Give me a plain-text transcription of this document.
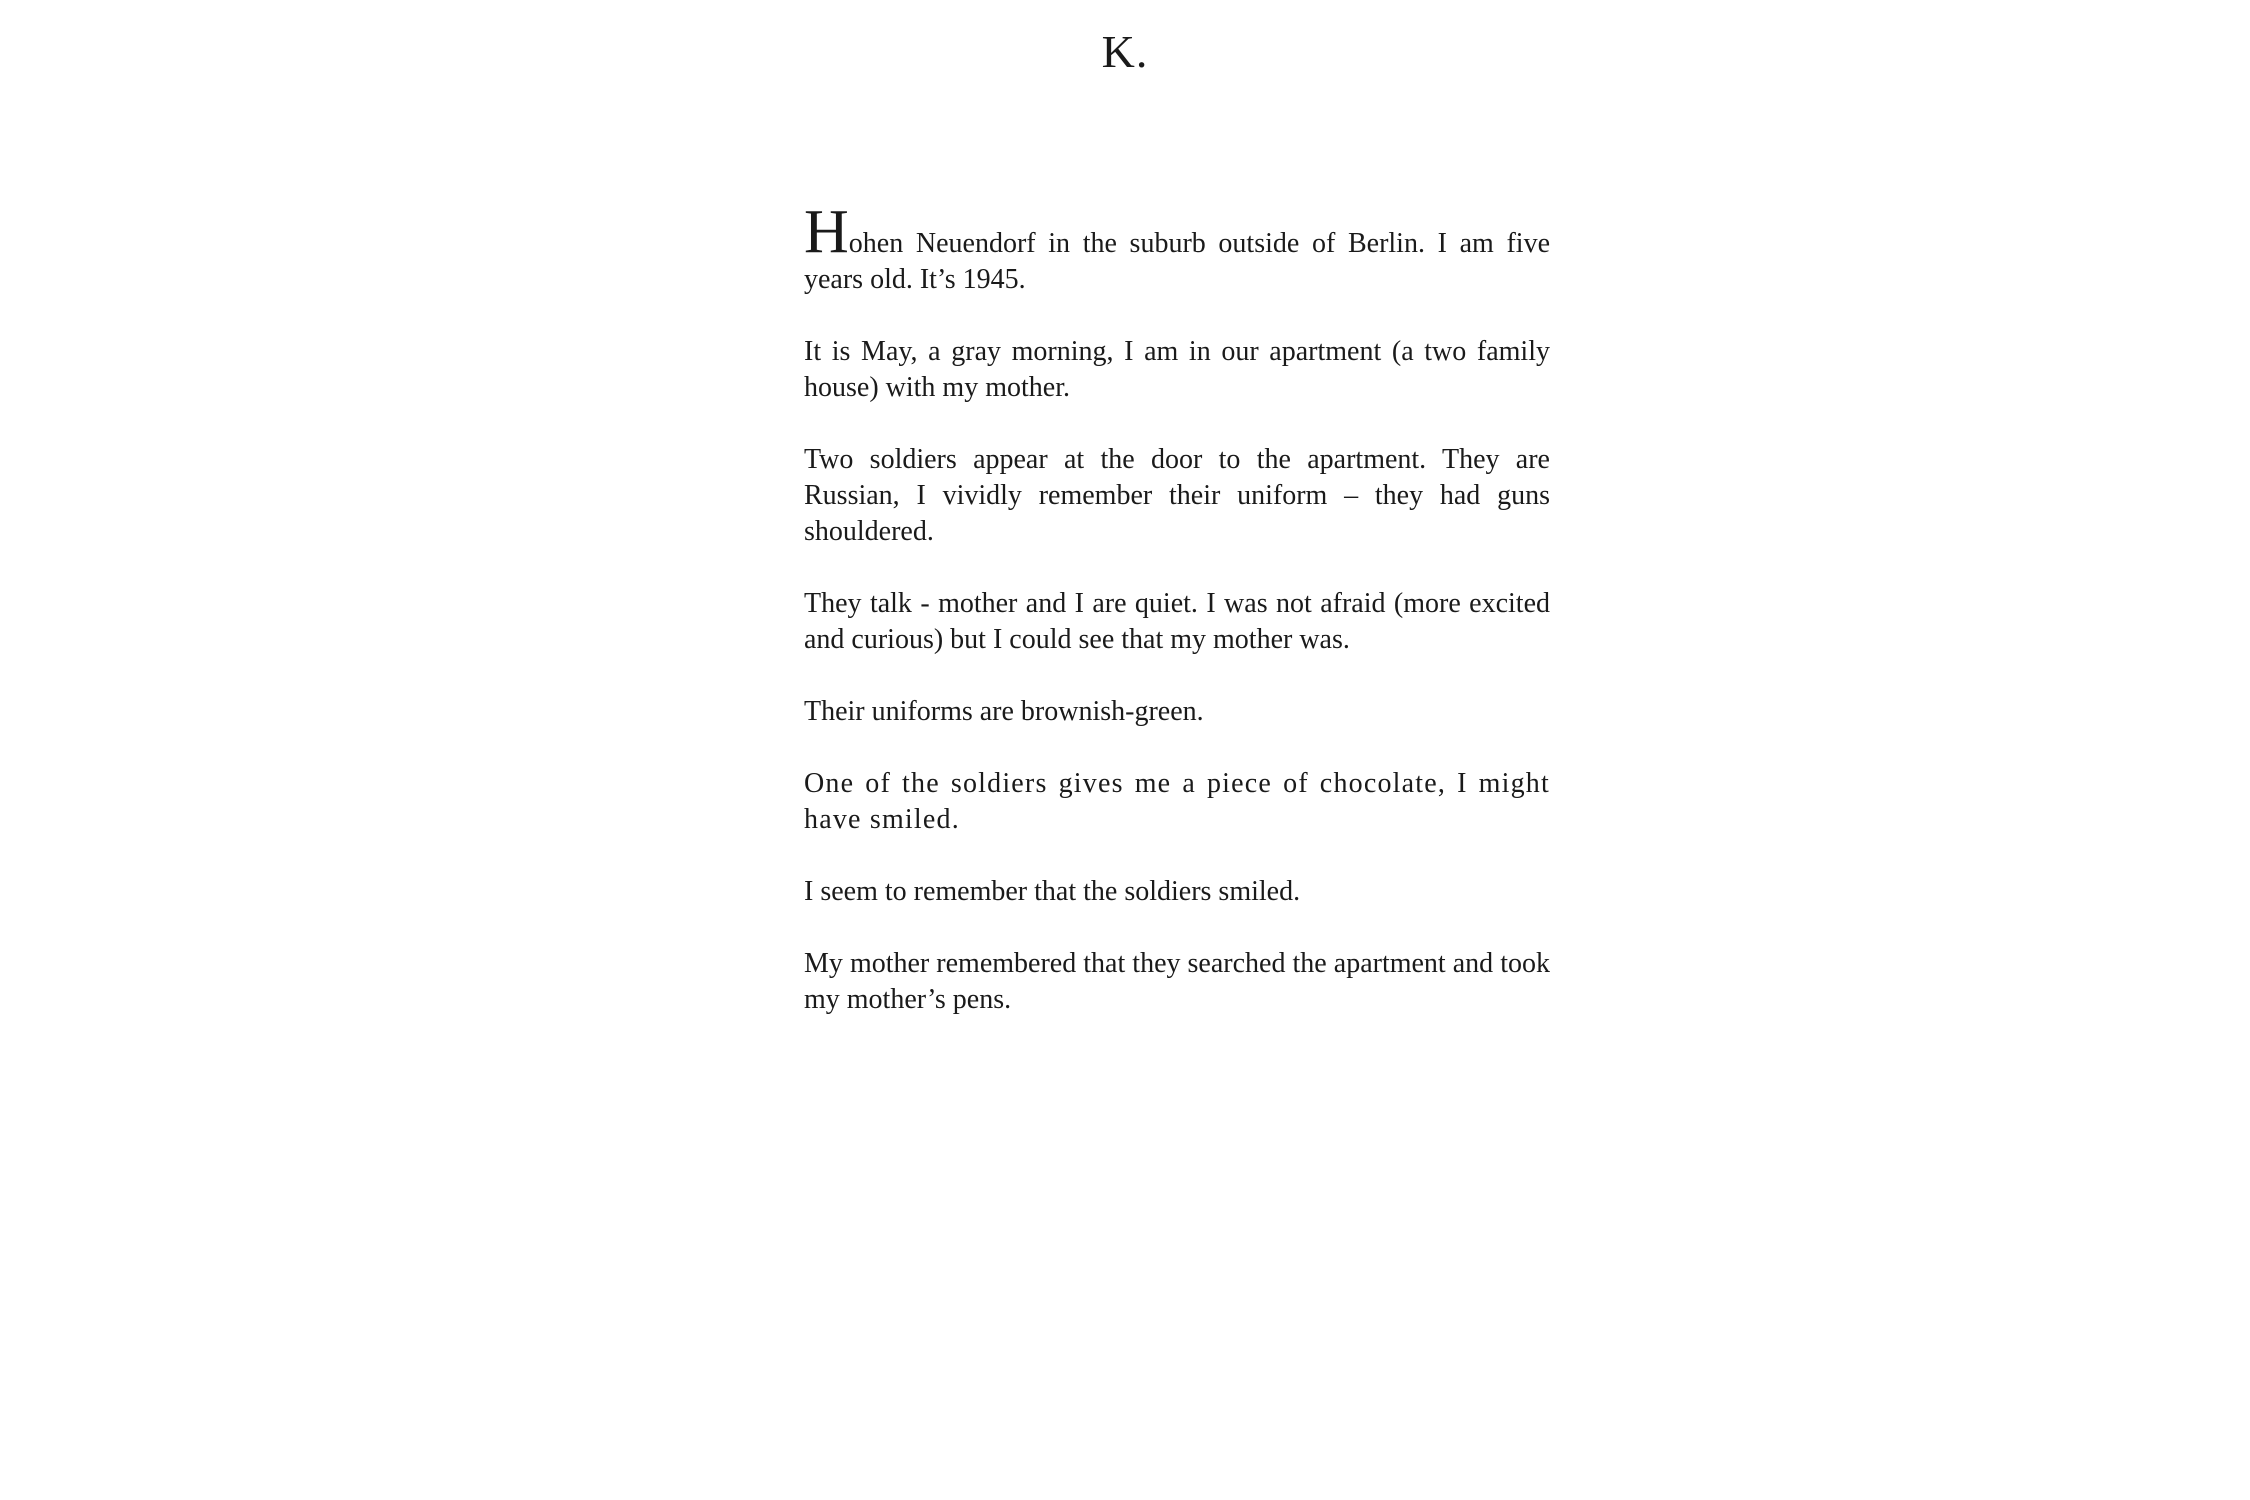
K.

Hohen Neuendorf in the suburb outside of Berlin. I am five years old. It’s 1945.

It is May, a gray morning, I am in our apartment (a two family house) with my mother.

Two soldiers appear at the door to the apartment. They are Russian, I vividly remember their uniform – they had guns shouldered.

They talk - mother and I are quiet. I was not afraid (more excited and curious) but I could see that my mother was.

Their uniforms are brownish-green.

One of the soldiers gives me a piece of chocolate, I might have smiled.

I seem to remember that the soldiers smiled.

My mother remembered that they searched the apartment and took my mother’s pens.
